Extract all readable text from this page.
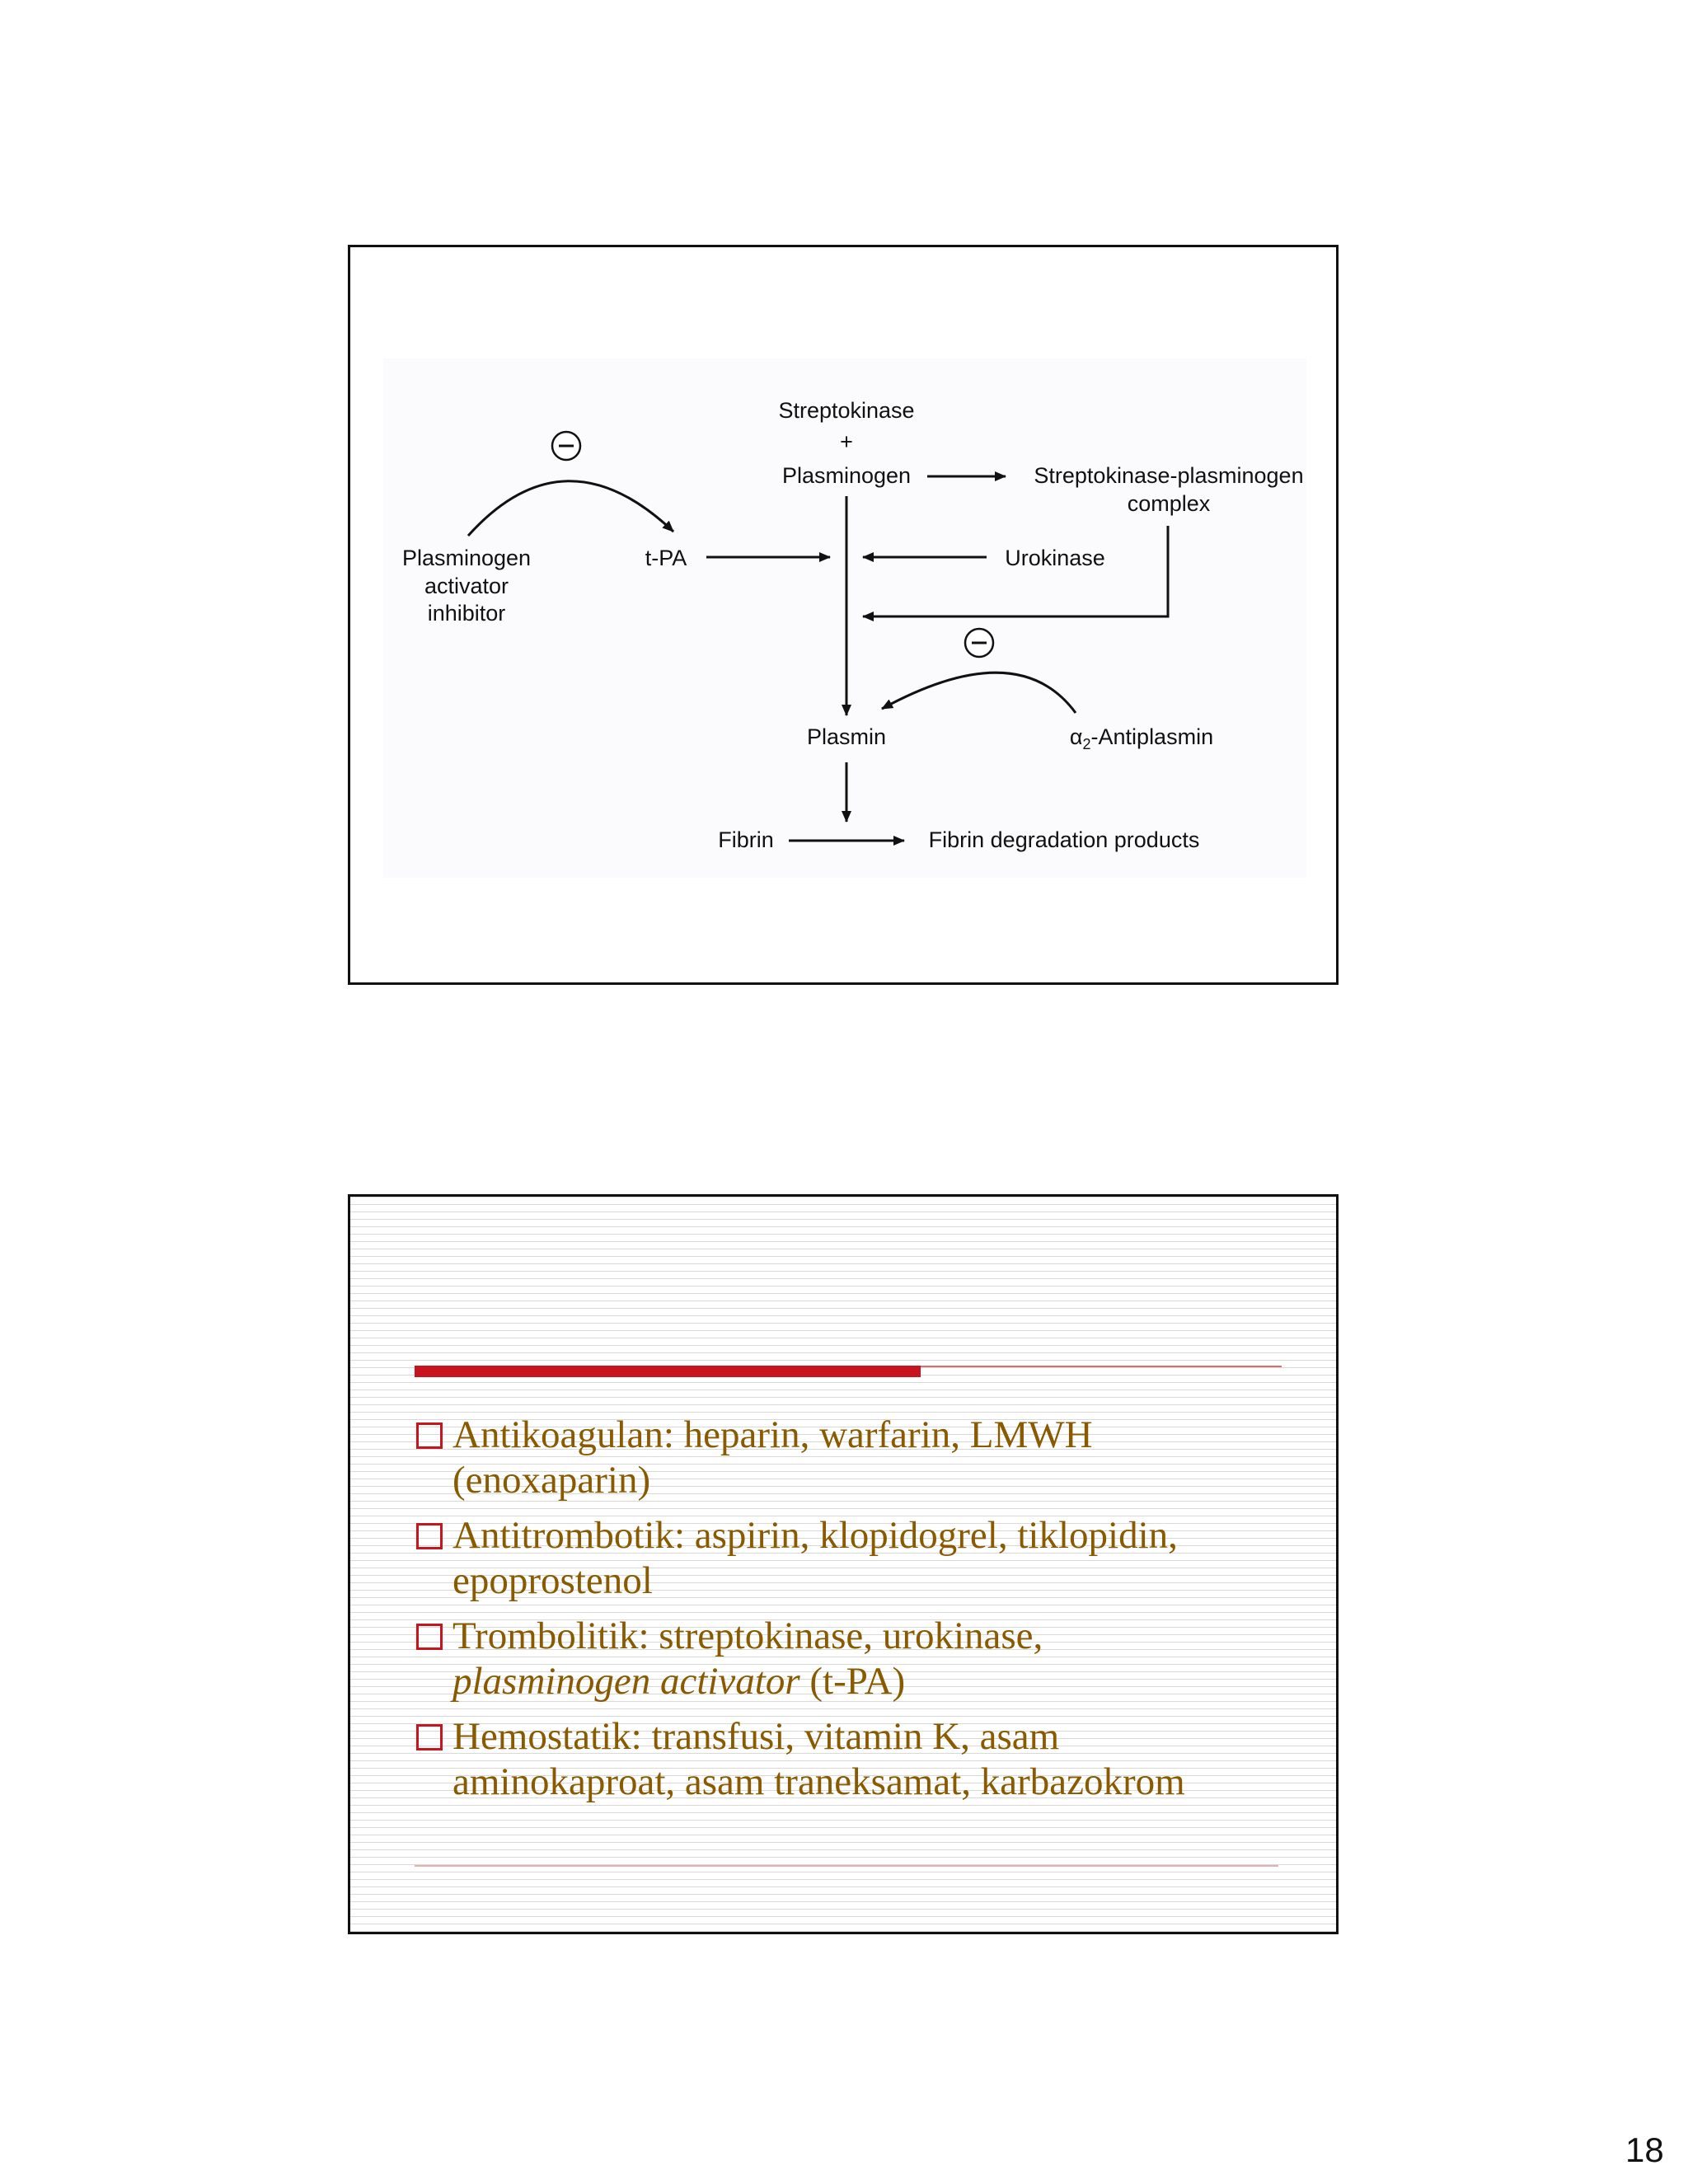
Streptokinase
+
Plasminogen	Streptokinase-plasminogen
complex
Plasminogen
activator
inhibitor
t-PA	Urokinase
Plasmin	$\alpha_2$-Antiplasmin
Fibrin	Fibrin degradation products
Antikoagulan: heparin, warfarin, LMWH
(enoxaparin)
Antitrombotik: aspirin, klopidogrel, tiklopidin,
epoprostenol
Trombolitik: streptokinase, urokinase,
plasminogen activator (t-PA)
Hemostatik: transfusi, vitamin K, asam
aminokaproat, asam traneksamat, karbazokrom
18
